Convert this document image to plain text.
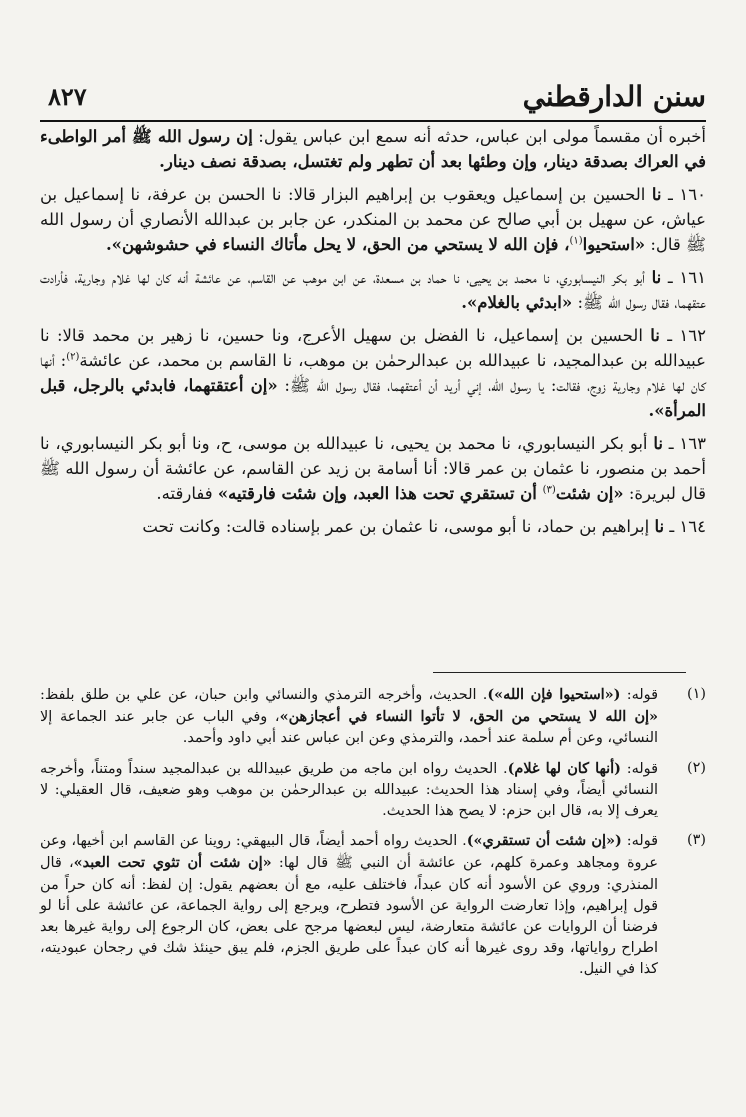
سنن الدارقطني
٨٢٧

أخبره أن مقسماً مولى ابن عباس، حدثه أنه سمع ابن عباس يقول: إن رسول الله ﷺ أمر الواطىء في العراك بصدقة دينار، وإن وطئها بعد أن تطهر ولم تغتسل، بصدقة نصف دينار.

١٦٠ ـ نا الحسين بن إسماعيل ويعقوب بن إبراهيم البزار قالا: نا الحسن بن عرفة، نا إسماعيل بن عياش، عن سهيل بن أبي صالح عن محمد بن المنكدر، عن جابر بن عبدالله الأنصاري أن رسول الله ﷺ قال: «استحيوا$^{(١)}$، فإن الله لا يستحي من الحق، لا يحل مأتاك النساء في حشوشهن».

١٦١ ـ نا أبو بكر النيسابوري، نا محمد بن يحيى، نا حماد بن مسعدة، عن ابن موهب عن القاسم، عن عائشة أنه كان لها غلام وجارية، فأرادت عتقهما، فقال رسول الله ﷺ: «ابدئي بالغلام».

١٦٢ ـ نا الحسين بن إسماعيل، نا الفضل بن سهيل الأعرج، ونا حسين، نا زهير بن محمد قالا: نا عبيدالله بن عبدالمجيد، نا عبيدالله بن عبدالرحمٰن بن موهب، نا القاسم بن محمد، عن عائشة$^{(٢)}$: أنها كان لها غلام وجارية زوج، فقالت: يا رسول الله، إني أريد أن أعتقهما، فقال رسول الله ﷺ: «إن أعتقتهما، فابدئي بالرجل، قبل المرأة».

١٦٣ ـ نا أبو بكر النيسابوري، نا محمد بن يحيى، نا عبيدالله بن موسى، ح، ونا أبو بكر النيسابوري، نا أحمد بن منصور، نا عثمان بن عمر قالا: أنا أسامة بن زيد عن القاسم، عن عائشة أن رسول الله ﷺ قال لبريرة: «إن شئت$^{(٣)}$ أن تستقري تحت هذا العبد، وإن شئت فارقتيه» ففارقته.

١٦٤ ـ نا إبراهيم بن حماد، نا أبو موسى، نا عثمان بن عمر بإسناده قالت: وكانت تحت

(١)
قوله: («استحيوا فإن الله»). الحديث، وأخرجه الترمذي والنسائي وابن حبان، عن علي بن طلق بلفظ: «إن الله لا يستحي من الحق، لا تأتوا النساء في أعجازهن»، وفي الباب عن جابر عند الجماعة إلا النسائي، وعن أم سلمة عند أحمد، والترمذي وعن ابن عباس عند أبي داود وأحمد.
(٢)
قوله: (أنها كان لها غلام). الحديث رواه ابن ماجه من طريق عبيدالله بن عبدالمجيد سنداً ومتناً، وأخرجه النسائي أيضاً، وفي إسناد هذا الحديث: عبيدالله بن عبدالرحمٰن بن موهب وهو ضعيف، قال العقيلي: لا يعرف إلا به، قال ابن حزم: لا يصح هذا الحديث.
(٣)
قوله: («إن شئت أن تستقري»). الحديث رواه أحمد أيضاً، قال البيهقي: روينا عن القاسم ابن أخيها، وعن عروة ومجاهد وعمرة كلهم، عن عائشة أن النبي ﷺ قال لها: «إن شئت أن تثوي تحت العبد»، قال المنذري: وروي عن الأسود أنه كان عبداً، فاختلف عليه، مع أن بعضهم يقول: إن لفظ: أنه كان حراً من قول إبراهيم، وإذا تعارضت الرواية عن الأسود فتطرح، ويرجع إلى رواية الجماعة، عن عائشة على أنا لو فرضنا أن الروايات عن عائشة متعارضة، ليس لبعضها مرجح على بعض، كان الرجوع إلى رواية غيرها بعد اطراح رواياتها، وقد روى غيرها أنه كان عبداً على طريق الجزم، فلم يبق حينئذ شك في رجحان عبوديته، كذا في النيل.
